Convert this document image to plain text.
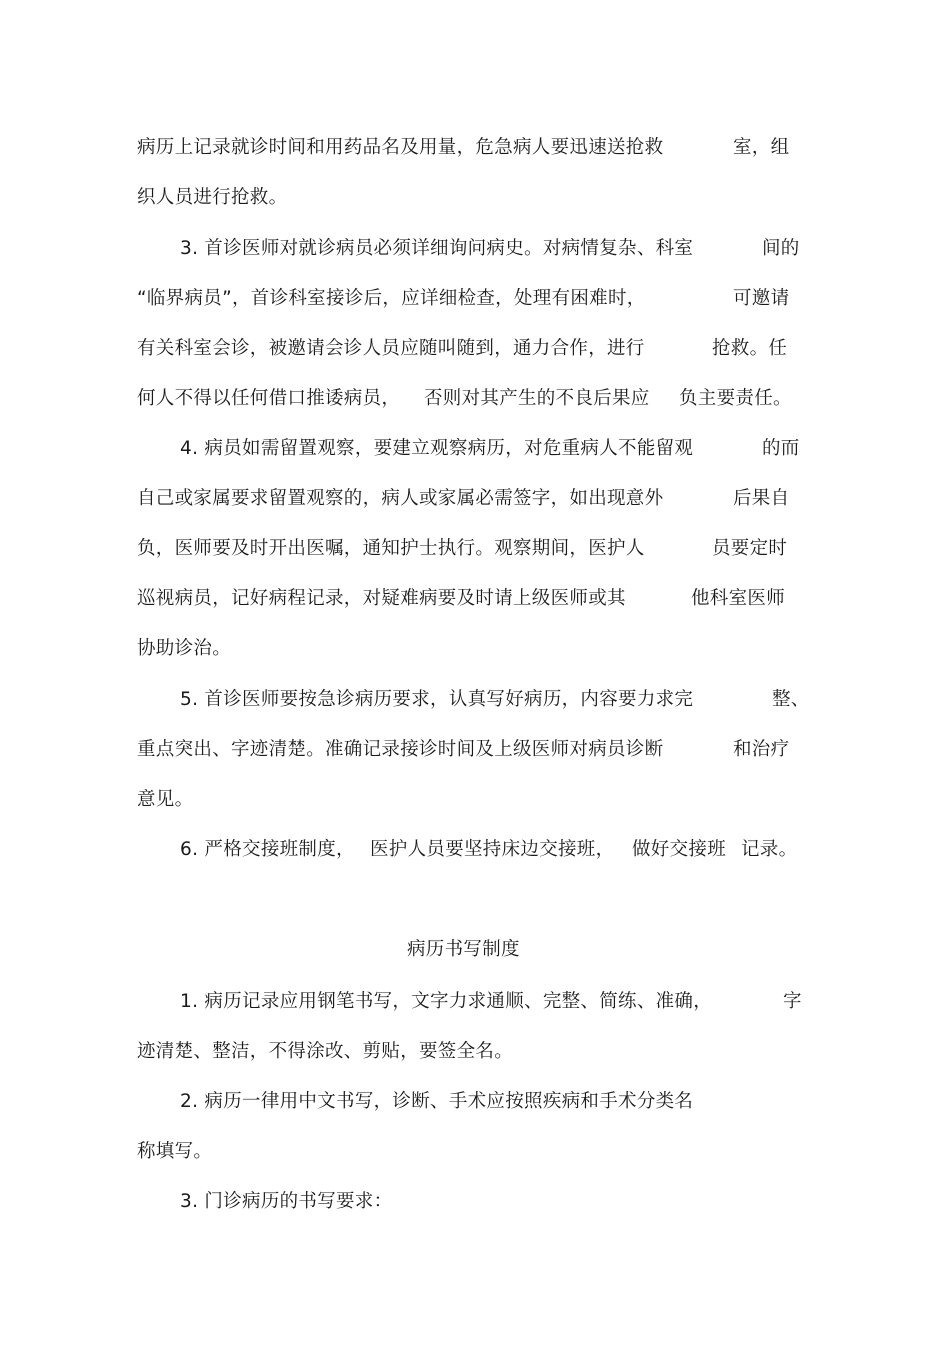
病历上记录就诊时间和用药品名及用量，危急病人要迅速送抢救	室，组
织人员进行抢救。
3. 首诊医师对就诊病员必须详细询问病史。对病情复杂、科室	间的
“临界病员”，首诊科室接诊后，应详细检查，处理有困难时，	可邀请
有关科室会诊，被邀请会诊人员应随叫随到，通力合作，进行	抢救。任
何人不得以任何借口推诿病员， 否则对其产生的不良后果应 负主要责任。
4. 病员如需留置观察，要建立观察病历，对危重病人不能留观	的而
自己或家属要求留置观察的，病人或家属必需签字，如出现意外	后果自
负，医师要及时开出医嘱，通知护士执行。观察期间，医护人	员要定时
巡视病员，记好病程记录，对疑难病要及时请上级医师或其	他科室医师
协助诊治。
5. 首诊医师要按急诊病历要求，认真写好病历，内容要力求完	整、
重点突出、字迹清楚。准确记录接诊时间及上级医师对病员诊断	和治疗
意见。
6. 严格交接班制度， 医护人员要坚持床边交接班， 做好交接班 记录。
病历书写制度
1. 病历记录应用钢笔书写，文字力求通顺、完整、简练、准确，	字
迹清楚、整洁，不得涂改、剪贴，要签全名。
2. 病历一律用中文书写，诊断、手术应按照疾病和手术分类名
称填写。
3. 门诊病历的书写要求：
